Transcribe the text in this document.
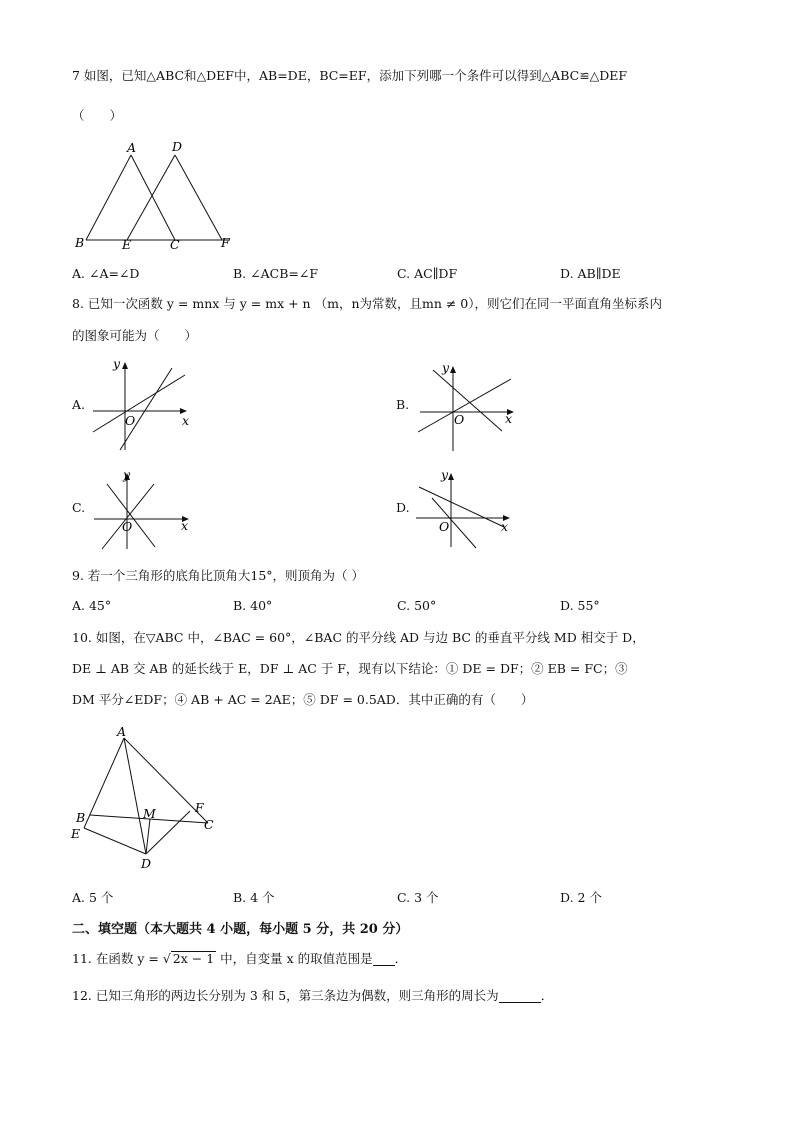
7 如图，已知△ABC和△DEF中，AB=DE，BC=EF，添加下列哪一个条件可以得到△ABC≌△DEF
（　　）
A	D
B	E	C	F
A. ∠A=∠D	B. ∠ACB=∠F	C. AC∥DF	D. AB∥DE
8. 已知一次函数 y = mnx 与 y = mx + n （m，n为常数，且mn ≠ 0），则它们在同一平面直角坐标系内
的图象可能为（　　）
A.	B.
C.	D.
y
x
O
y
x
O
y
x
O
y
x
O
9. 若一个三角形的底角比顶角大15°，则顶角为（ ）
A. 45°	B. 40°	C. 50°	D. 55°
10. 如图，在▽ABC 中，∠BAC = 60°，∠BAC 的平分线 AD 与边 BC 的垂直平分线 MD 相交于 D，
DE ⊥ AB 交 AB 的延长线于 E，DF ⊥ AC 于 F，现有以下结论：① DE = DF；② EB = FC；③
DM 平分∠EDF；④ AB + AC = 2AE；⑤ DF = 0.5AD．其中正确的有（　　）
A
B
E
M	F
C
D
A. 5 个	B. 4 个	C. 3 个	D. 2 个
二、填空题（本大题共 4 小题，每小题 5 分，共 20 分）
11. 在函数 y = √ 2x − 1 中，自变量 x 的取值范围是 ．
12. 已知三角形的两边长分别为 3 和 5，第三条边为偶数，则三角形的周长为	．
